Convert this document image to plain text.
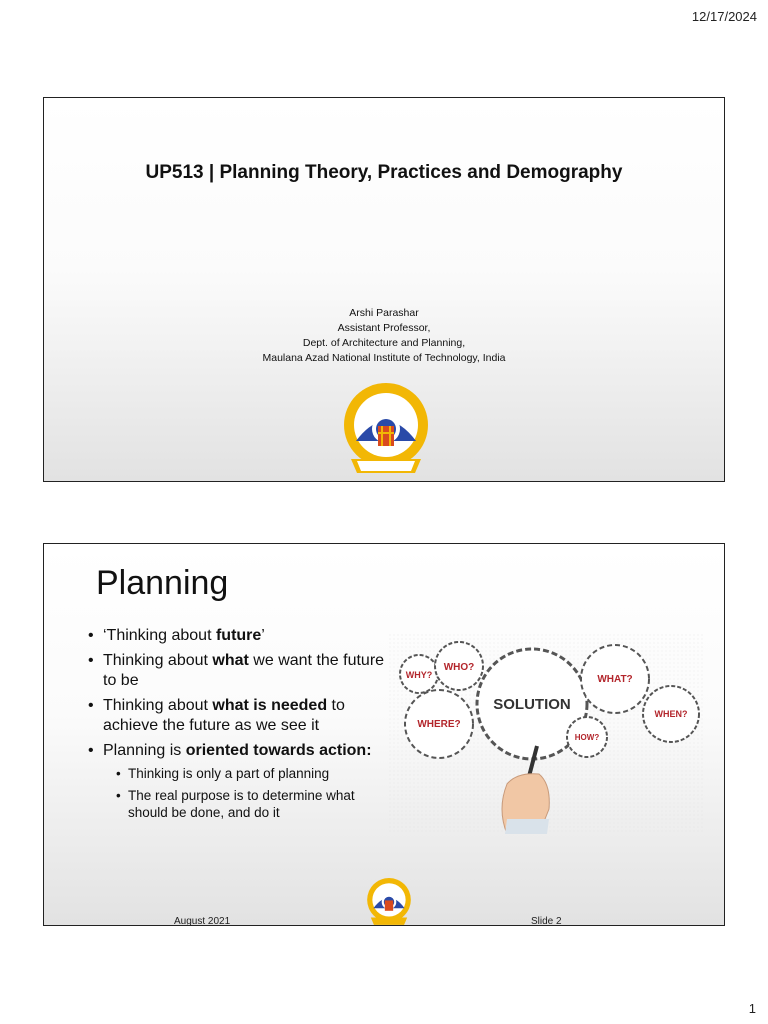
12/17/2024
UP513 | Planning Theory, Practices and Demography
Arshi Parashar
Assistant Professor,
Dept. of Architecture and Planning,
Maulana Azad National Institute of Technology, India
Planning
• ‘Thinking about future’
• Thinking about what we want the future to be
• Thinking about what is needed to achieve the future as we see it
• Planning is oriented towards action:
• Thinking is only a part of planning
• The real purpose is to determine what should be done, and do it
WHY?
WHO?
WHERE?
WHAT?
WHEN?
HOW?
SOLUTION
August 2021	Slide 2
1
